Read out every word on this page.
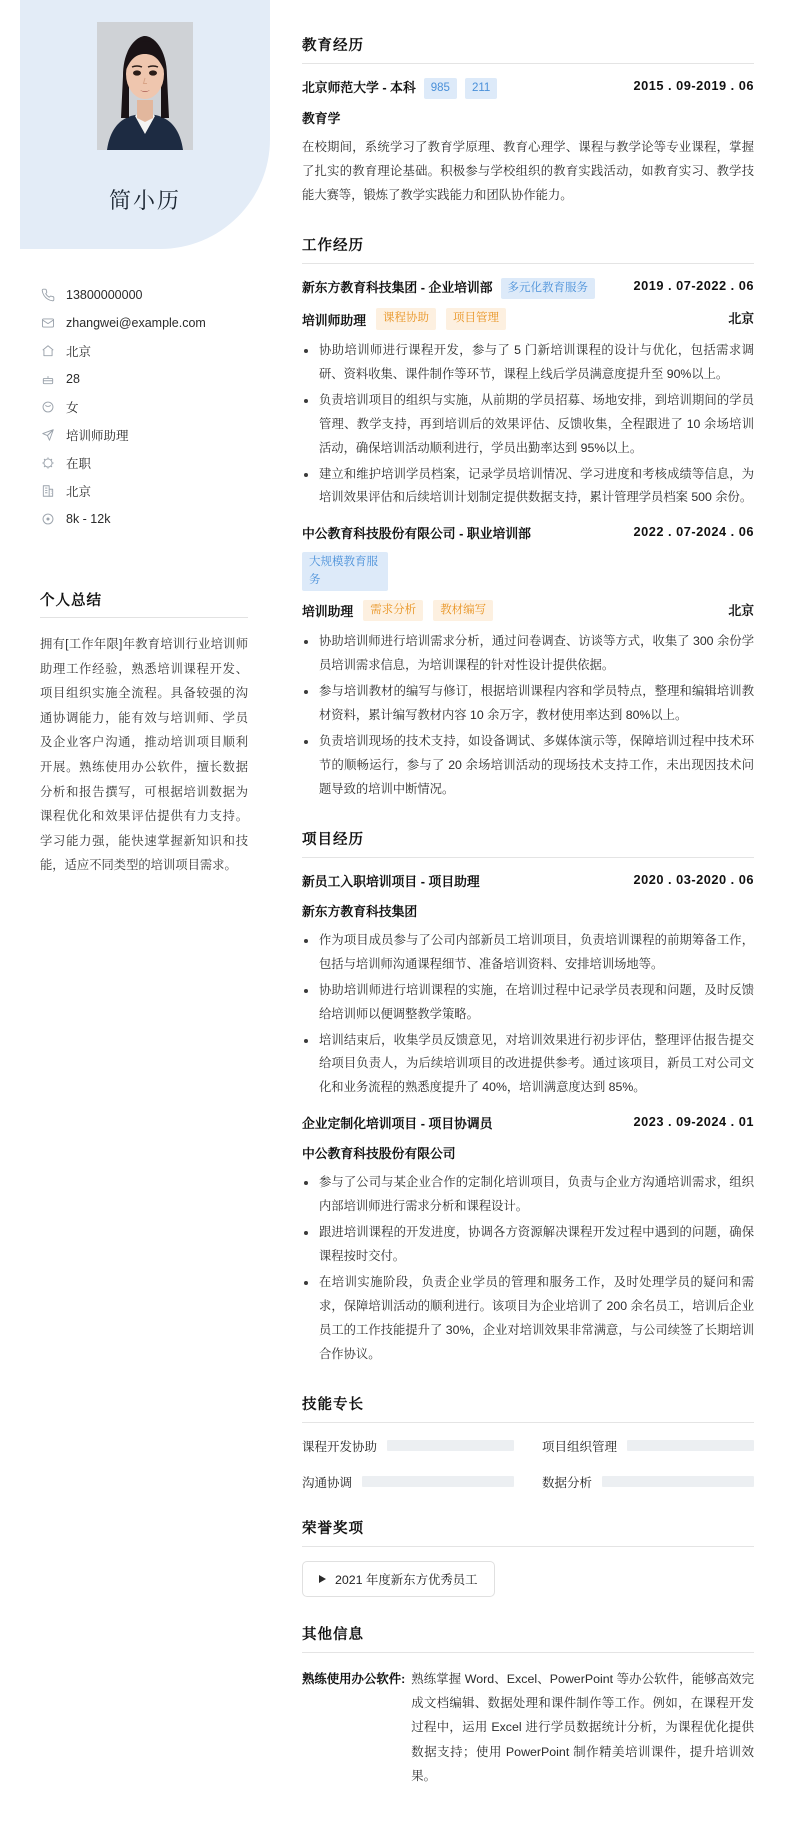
简小历
13800000000
zhangwei@example.com
北京
28
女
培训师助理
在职
北京
8k - 12k
个人总结
拥有[工作年限]年教育培训行业培训师助理工作经验，熟悉培训课程开发、项目组织实施全流程。具备较强的沟通协调能力，能有效与培训师、学员及企业客户沟通，推动培训项目顺利开展。熟练使用办公软件，擅长数据分析和报告撰写，可根据培训数据为课程优化和效果评估提供有力支持。学习能力强，能快速掌握新知识和技能，适应不同类型的培训项目需求。
教育经历
北京师范大学 - 本科	985	211	2015 . 09-2019 . 06
教育学
在校期间，系统学习了教育学原理、教育心理学、课程与教学论等专业课程，掌握了扎实的教育理论基础。积极参与学校组织的教育实践活动，如教育实习、教学技能大赛等，锻炼了教学实践能力和团队协作能力。
工作经历
新东方教育科技集团 - 企业培训部	多元化教育服务	2019 . 07-2022 . 06
培训师助理	课程协助	项目管理	北京
协助培训师进行课程开发，参与了 5 门新培训课程的设计与优化，包括需求调研、资料收集、课件制作等环节，课程上线后学员满意度提升至 90%以上。
负责培训项目的组织与实施，从前期的学员招募、场地安排，到培训期间的学员管理、教学支持，再到培训后的效果评估、反馈收集，全程跟进了 10 余场培训活动，确保培训活动顺利进行，学员出勤率达到 95%以上。
建立和维护培训学员档案，记录学员培训情况、学习进度和考核成绩等信息，为培训效果评估和后续培训计划制定提供数据支持，累计管理学员档案 500 余份。
中公教育科技股份有限公司 - 职业培训部
大规模教育服务
2022 . 07-2024 . 06
培训助理	需求分析	教材编写	北京
协助培训师进行培训需求分析，通过问卷调查、访谈等方式，收集了 300 余份学员培训需求信息，为培训课程的针对性设计提供依据。
参与培训教材的编写与修订，根据培训课程内容和学员特点，整理和编辑培训教材资料，累计编写教材内容 10 余万字，教材使用率达到 80%以上。
负责培训现场的技术支持，如设备调试、多媒体演示等，保障培训过程中技术环节的顺畅运行，参与了 20 余场培训活动的现场技术支持工作，未出现因技术问题导致的培训中断情况。
项目经历
新员工入职培训项目 - 项目助理	2020 . 03-2020 . 06
新东方教育科技集团
作为项目成员参与了公司内部新员工培训项目，负责培训课程的前期筹备工作，包括与培训师沟通课程细节、准备培训资料、安排培训场地等。
协助培训师进行培训课程的实施，在培训过程中记录学员表现和问题，及时反馈给培训师以便调整教学策略。
培训结束后，收集学员反馈意见，对培训效果进行初步评估，整理评估报告提交给项目负责人，为后续培训项目的改进提供参考。通过该项目，新员工对公司文化和业务流程的熟悉度提升了 40%，培训满意度达到 85%。
企业定制化培训项目 - 项目协调员	2023 . 09-2024 . 01
中公教育科技股份有限公司
参与了公司与某企业合作的定制化培训项目，负责与企业方沟通培训需求，组织内部培训师进行需求分析和课程设计。
跟进培训课程的开发进度，协调各方资源解决课程开发过程中遇到的问题，确保课程按时交付。
在培训实施阶段，负责企业学员的管理和服务工作，及时处理学员的疑问和需求，保障培训活动的顺利进行。该项目为企业培训了 200 余名员工，培训后企业员工的工作技能提升了 30%，企业对培训效果非常满意，与公司续签了长期培训合作协议。
技能专长
课程开发协助	项目组织管理
沟通协调	数据分析
荣誉奖项
2021 年度新东方优秀员工
其他信息
熟练使用办公软件: 熟练掌握 Word、Excel、PowerPoint 等办公软件，能够高效完成文档编辑、数据处理和课件制作等工作。例如，在课程开发过程中，运用 Excel 进行学员数据统计分析，为课程优化提供数据支持；使用 PowerPoint 制作精美培训课件，提升培训效果。
